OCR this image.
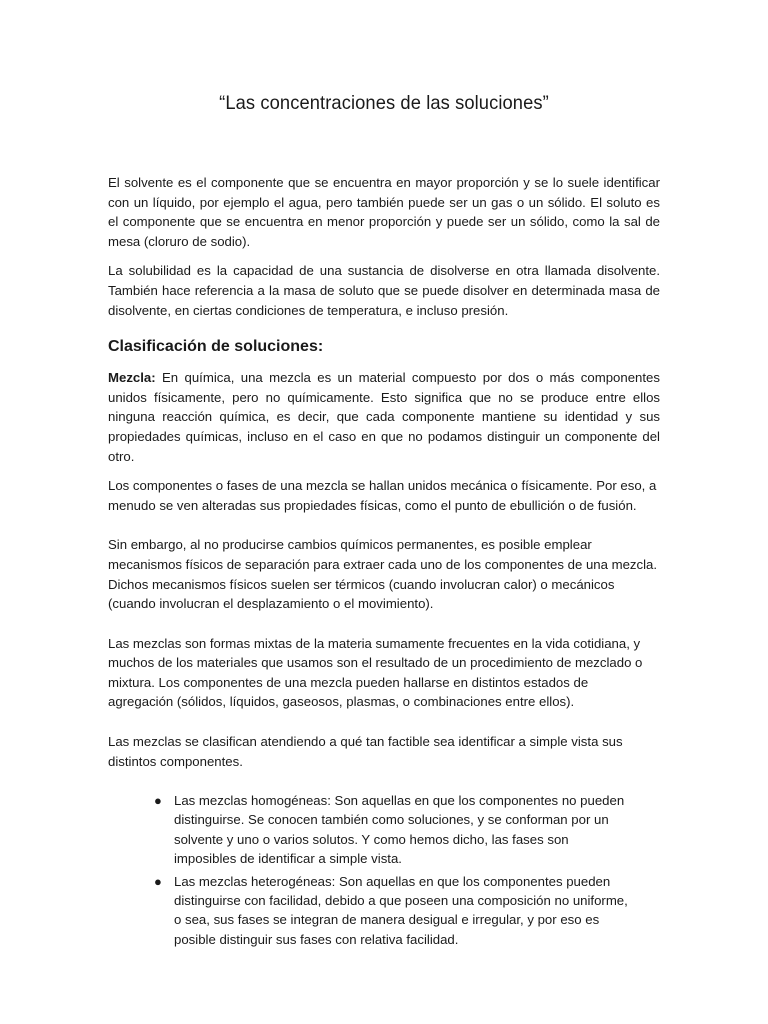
“Las concentraciones de las soluciones”

El solvente es el componente que se encuentra en mayor proporción y se lo suele identificar con un líquido, por ejemplo el agua, pero también puede ser un gas o un sólido. El soluto es el componente que se encuentra en menor proporción y puede ser un sólido, como la sal de mesa (cloruro de sodio).

La solubilidad es la capacidad de una sustancia de disolverse en otra llamada disolvente. También hace referencia a la masa de soluto que se puede disolver en determinada masa de disolvente, en ciertas condiciones de temperatura, e incluso presión.

Clasificación de soluciones:

Mezcla: En química, una mezcla es un material compuesto por dos o más componentes unidos físicamente, pero no químicamente. Esto significa que no se produce entre ellos ninguna reacción química, es decir, que cada componente mantiene su identidad y sus propiedades químicas, incluso en el caso en que no podamos distinguir un componente del otro.

Los componentes o fases de una mezcla se hallan unidos mecánica o físicamente. Por eso, a menudo se ven alteradas sus propiedades físicas, como el punto de ebullición o de fusión.

Sin embargo, al no producirse cambios químicos permanentes, es posible emplear mecanismos físicos de separación para extraer cada uno de los componentes de una mezcla. Dichos mecanismos físicos suelen ser térmicos (cuando involucran calor) o mecánicos (cuando involucran el desplazamiento o el movimiento).

Las mezclas son formas mixtas de la materia sumamente frecuentes en la vida cotidiana, y muchos de los materiales que usamos son el resultado de un procedimiento de mezclado o mixtura. Los componentes de una mezcla pueden hallarse en distintos estados de

agregación (sólidos, líquidos, gaseosos, plasmas, o combinaciones entre ellos).

Las mezclas se clasifican atendiendo a qué tan factible sea identificar a simple vista sus distintos componentes.

● Las mezclas homogéneas: Son aquellas en que los componentes no pueden distinguirse. Se conocen también como soluciones, y se conforman por un solvente y uno o varios solutos. Y como hemos dicho, las fases son imposibles de identificar a simple vista.
● Las mezclas heterogéneas: Son aquellas en que los componentes pueden distinguirse con facilidad, debido a que poseen una composición no uniforme, o sea, sus fases se integran de manera desigual e irregular, y por eso es posible distinguir sus fases con relativa facilidad.
